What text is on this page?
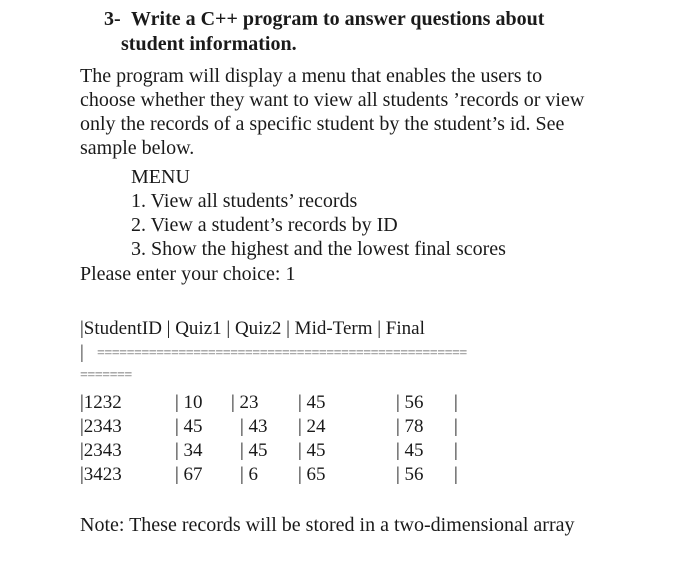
3- Write a C++ program to answer questions about
student information.
The program will display a menu that enables the users to
choose whether they want to view all students ’records or view
only the records of a specific student by the student’s id. See
sample below.
MENU
1. View all students’ records
2. View a student’s records by ID
3. Show the highest and the lowest final scores
Please enter your choice: 1
|StudentID | Quiz1 | Quiz2 | Mid-Term | Final
| ==================================================
=======
|1232	| 10 | 23 | 45	| 56 |
|2343	| 45 | 43 | 24	| 78 |
|2343	| 34 | 45 | 45	| 45 |
|3423	| 67 | 6 | 65	| 56 |
Note: These records will be stored in a two-dimensional array
